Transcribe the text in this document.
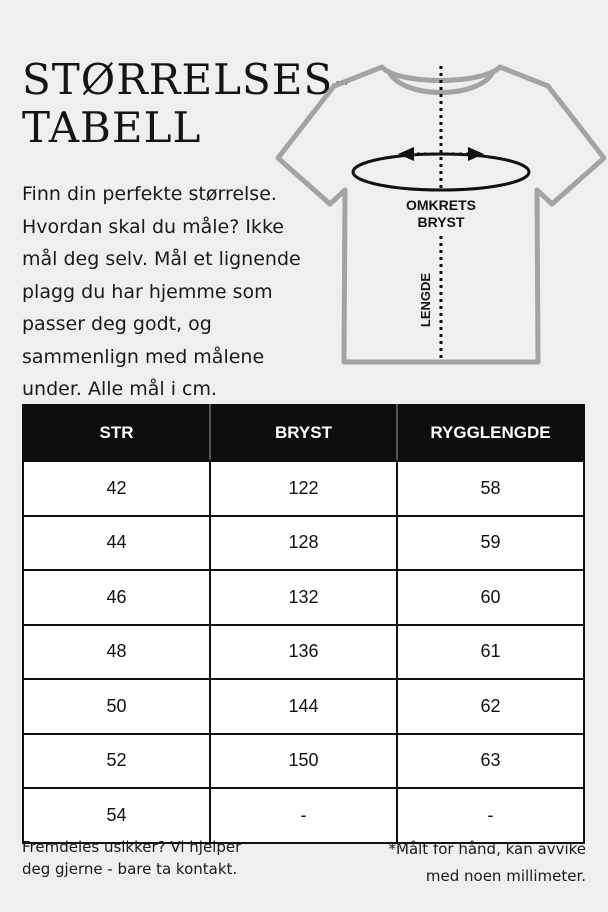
STØRRELSES-
TABELL

Finn din perfekte størrelse. Hvordan skal du måle? Ikke mål deg selv. Mål et lignende plagg du har hjemme som passer deg godt, og sammenlign med målene under. Alle mål i cm.

OMKRETS
BRYST
LENGDE
STR	BRYST	RYGGLENGDE
42	122	58
44	128	59
46	132	60
48	136	61
50	144	62
52	150	63
54	-	-

Fremdeles usikker? Vi hjelper
deg gjerne - bare ta kontakt.

*Målt for hånd, kan avvike
med noen millimeter.
